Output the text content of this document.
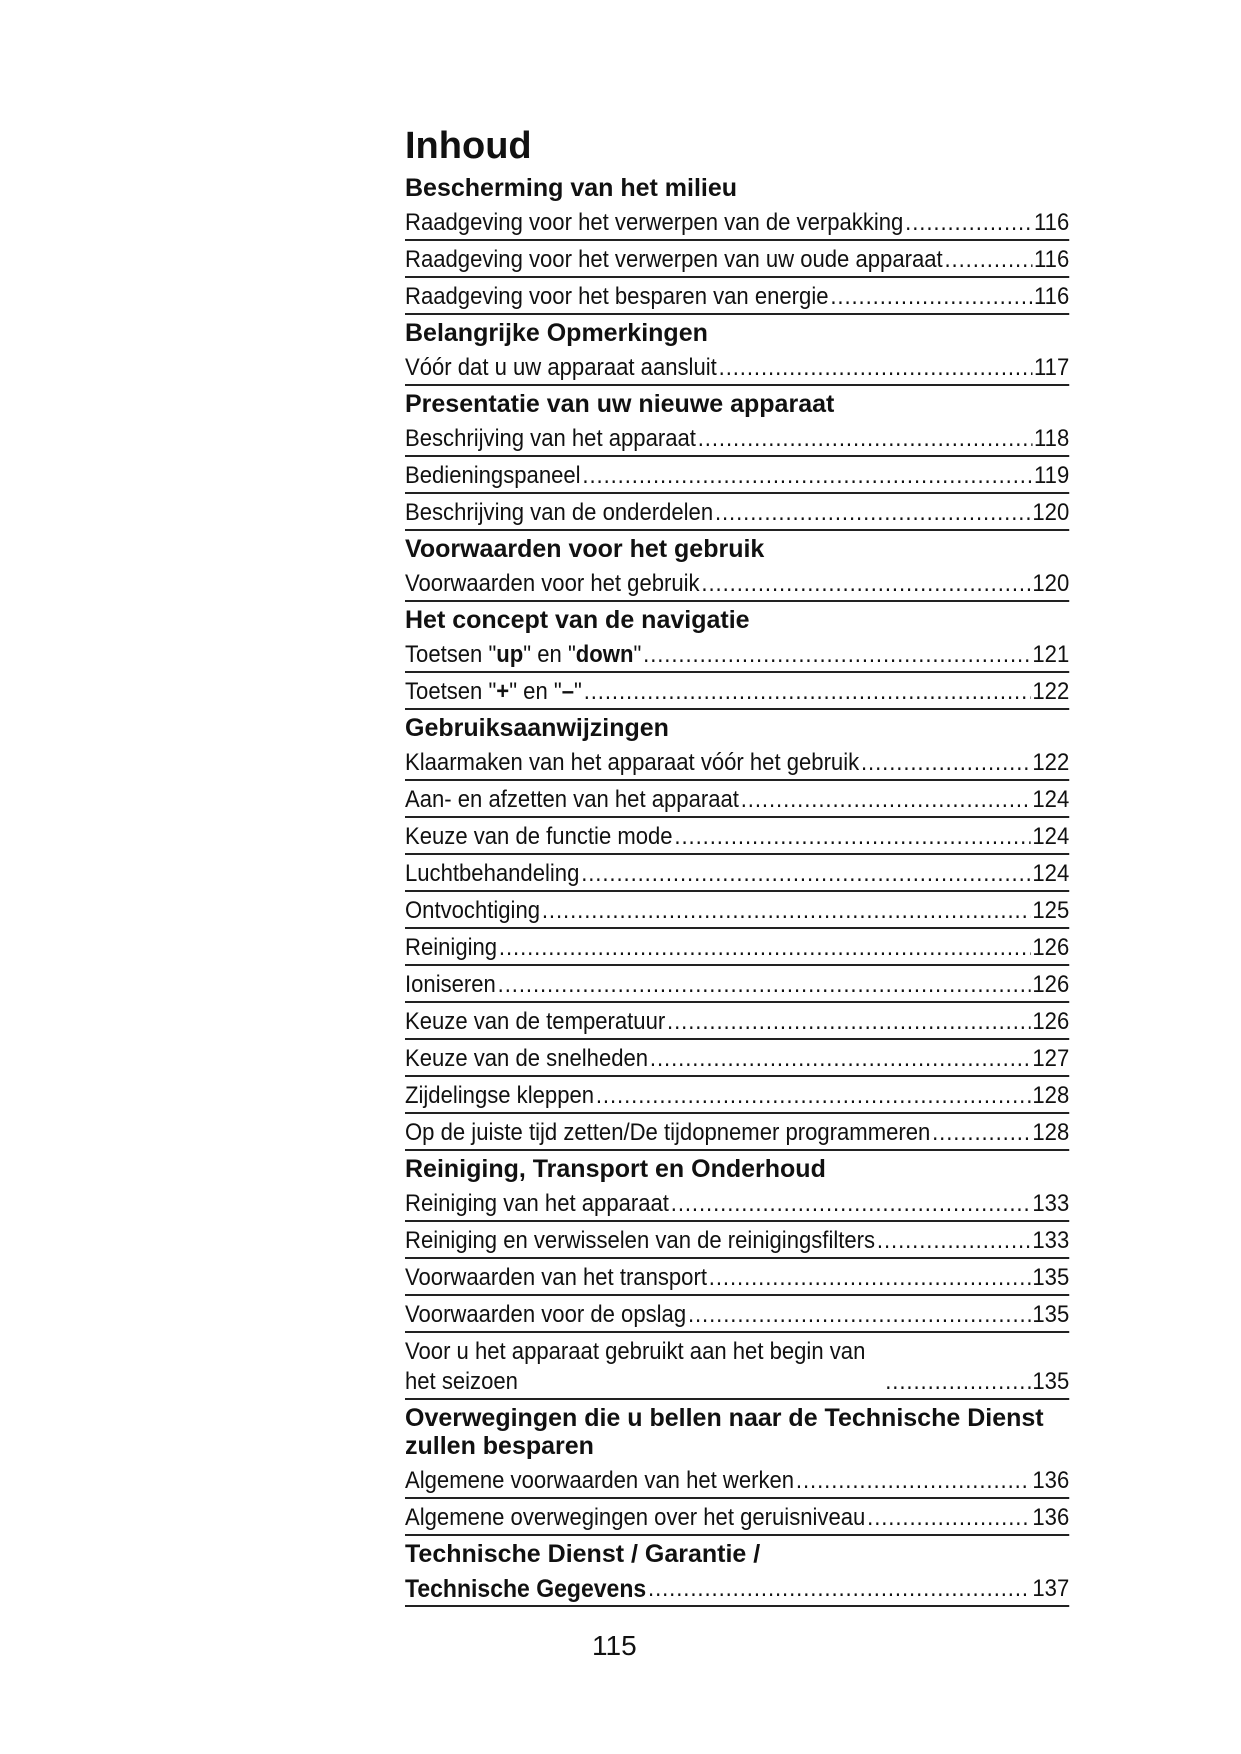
Inhoud
Bescherming van het milieu
Raadgeving voor het verwerpen van de verpakking .....	116
Raadgeving voor het verwerpen van uw oude apparaat .....	116
Raadgeving voor het besparen van energie .....	116
Belangrijke Opmerkingen
Vóór dat u uw apparaat aansluit .....	117
Presentatie van uw nieuwe apparaat
Beschrijving van het apparaat .....	118
Bedieningspaneel .....	119
Beschrijving van de onderdelen .....	120
Voorwaarden voor het gebruik
Voorwaarden voor het gebruik .....	120
Het concept van de navigatie
Toetsen "up" en "down" .....	121
Toetsen "+" en "–" .....	122
Gebruiksaanwijzingen
Klaarmaken van het apparaat vóór het gebruik .....	122
Aan- en afzetten van het apparaat .....	124
Keuze van de functie mode .....	124
Luchtbehandeling .....	124
Ontvochtiging .....	125
Reiniging .....	126
Ioniseren .....	126
Keuze van de temperatuur .....	126
Keuze van de snelheden .....	127
Zijdelingse kleppen .....	128
Op de juiste tijd zetten/De tijdopnemer programmeren .....	128
Reiniging, Transport en Onderhoud
Reiniging van het apparaat .....	133
Reiniging en verwisselen van de reinigingsfilters .....	133
Voorwaarden van het transport .....	135
Voorwaarden voor de opslag .....	135
Voor u het apparaat gebruikt aan het begin van het seizoen .....	135
Overwegingen die u bellen naar de Technische Dienst zullen besparen
Algemene voorwaarden van het werken .....	136
Algemene overwegingen over het geruisniveau .....	136
Technische Dienst / Garantie /
Technische Gegevens .....	137
115
